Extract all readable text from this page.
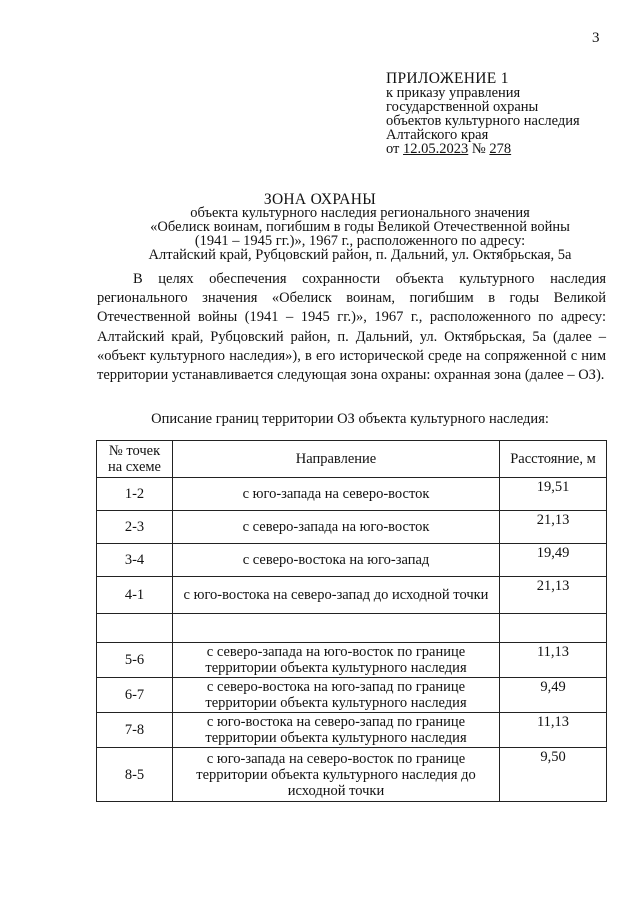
3
ПРИЛОЖЕНИЕ 1
к приказу управления
государственной охраны
объектов культурного наследия
Алтайского края
от 12.05.2023 № 278
ЗОНА ОХРАНЫ
объекта культурного наследия регионального значения
«Обелиск воинам, погибшим в годы Великой Отечественной войны
(1941 – 1945 гг.)», 1967 г., расположенного по адресу:
Алтайский край, Рубцовский район, п. Дальний, ул. Октябрьская, 5а
В целях обеспечения сохранности объекта культурного наследия регионального значения «Обелиск воинам, погибшим в годы Великой Отечественной войны (1941 – 1945 гг.)», 1967 г., расположенного по адресу: Алтайский край, Рубцовский район, п. Дальний, ул. Октябрьская, 5а (далее – «объект культурного наследия»), в его исторической среде на сопряженной с ним территории устанавливается следующая зона охраны: охранная зона (далее – ОЗ).
Описание границ территории ОЗ объекта культурного наследия:
№ точек
на схеме	Направление	Расстояние, м
1-2	с юго-запада на северо-восток	19,51
2-3	с северо-запада на юго-восток	21,13
3-4	с северо-востока на юго-запад	19,49
4-1	с юго-востока на северо-запад до исходной точки	21,13

5-6	с северо-запада на юго-восток по границе территории объекта культурного наследия	11,13
6-7	с северо-востока на юго-запад по границе территории объекта культурного наследия	9,49
7-8	с юго-востока на северо-запад по границе территории объекта культурного наследия	11,13
8-5	с юго-запада на северо-восток по границе территории объекта культурного наследия до исходной точки	9,50
